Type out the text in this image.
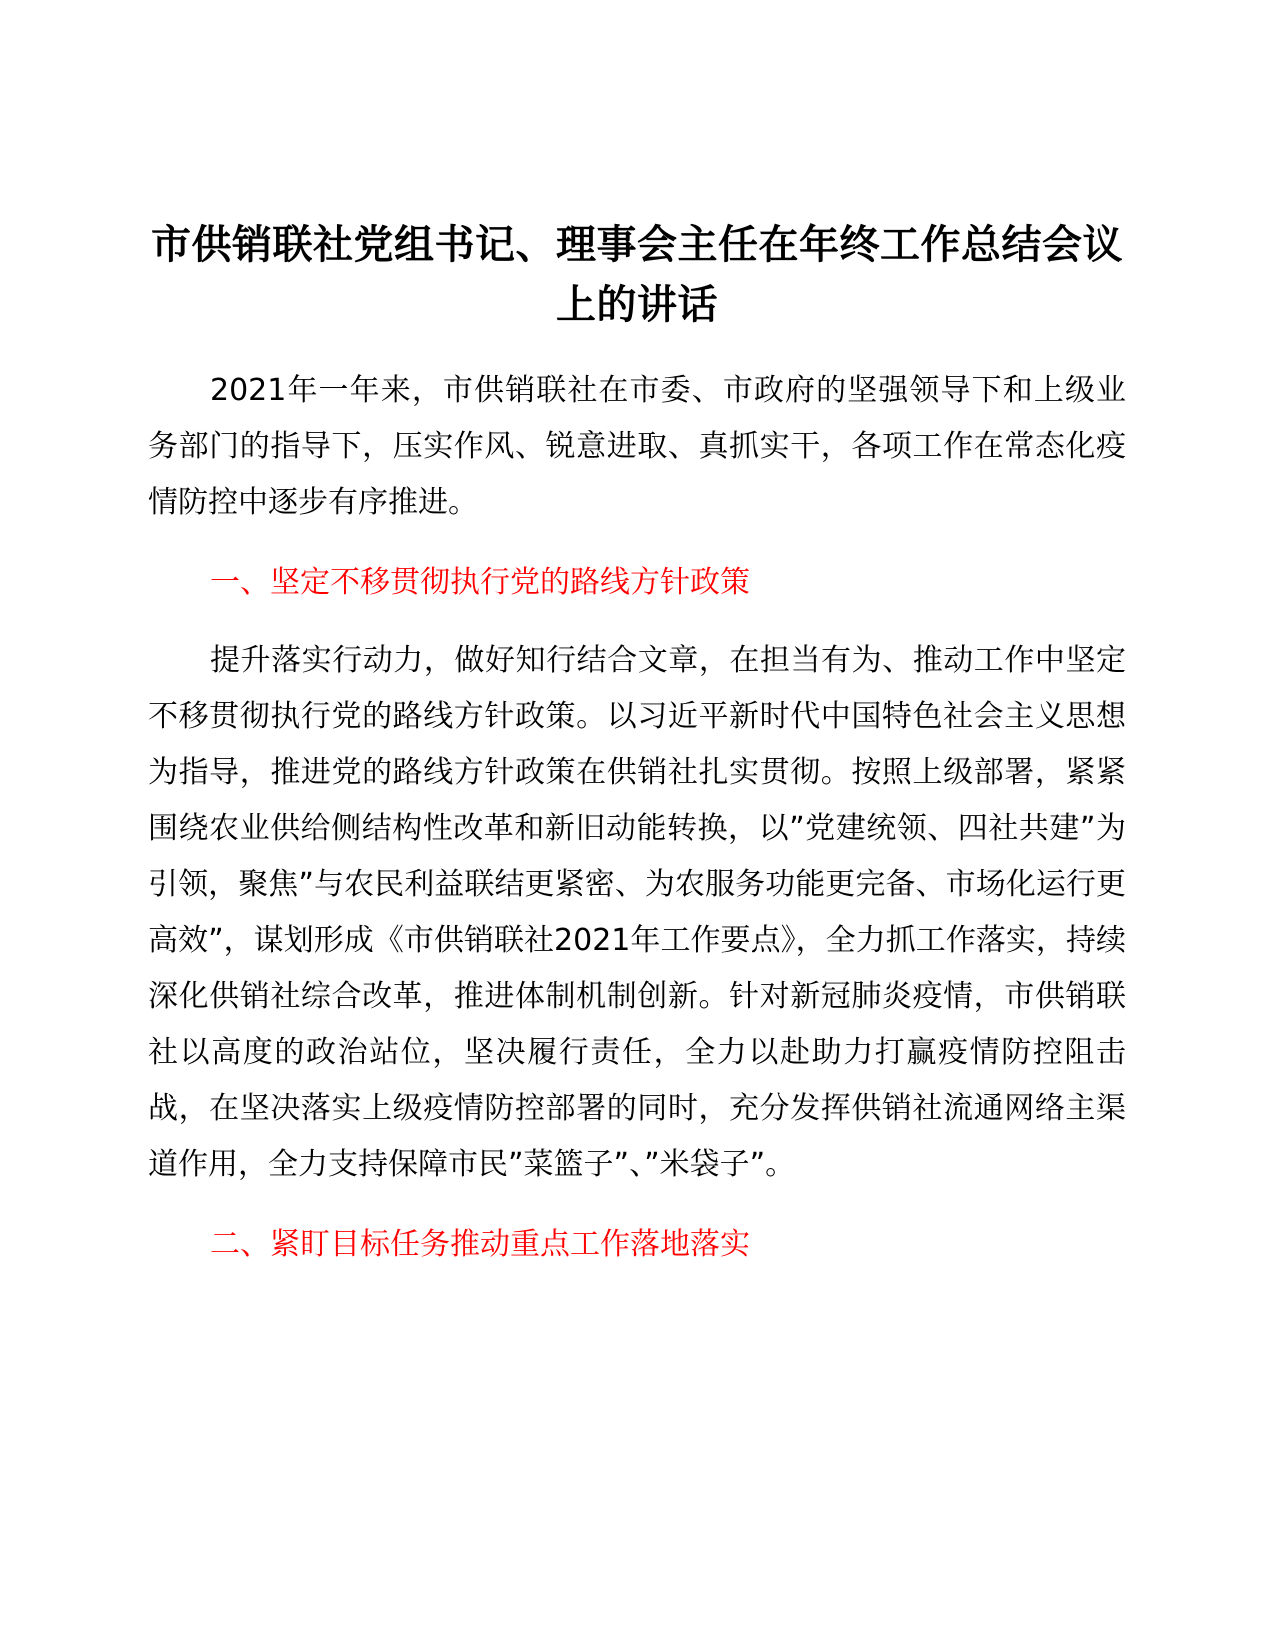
市供销联社党组书记、理事会主任在年终工作总结会议上的讲话

2021年一年来，市供销联社在市委、市政府的坚强领导下和上级业务部门的指导下，压实作风、锐意进取、真抓实干，各项工作在常态化疫情防控中逐步有序推进。

一、坚定不移贯彻执行党的路线方针政策

提升落实行动力，做好知行结合文章，在担当有为、推动工作中坚定不移贯彻执行党的路线方针政策。以习近平新时代中国特色社会主义思想为指导，推进党的路线方针政策在供销社扎实贯彻。按照上级部署，紧紧围绕农业供给侧结构性改革和新旧动能转换，以”党建统领、四社共建”为引领，聚焦”与农民利益联结更紧密、为农服务功能更完备、市场化运行更高效”，谋划形成《市供销联社2021年工作要点》，全力抓工作落实，持续深化供销社综合改革，推进体制机制创新。针对新冠肺炎疫情，市供销联社以高度的政治站位，坚决履行责任，全力以赴助力打赢疫情防控阻击战，在坚决落实上级疫情防控部署的同时，充分发挥供销社流通网络主渠道作用，全力支持保障市民”菜篮子”、”米袋子”。

二、紧盯目标任务推动重点工作落地落实
